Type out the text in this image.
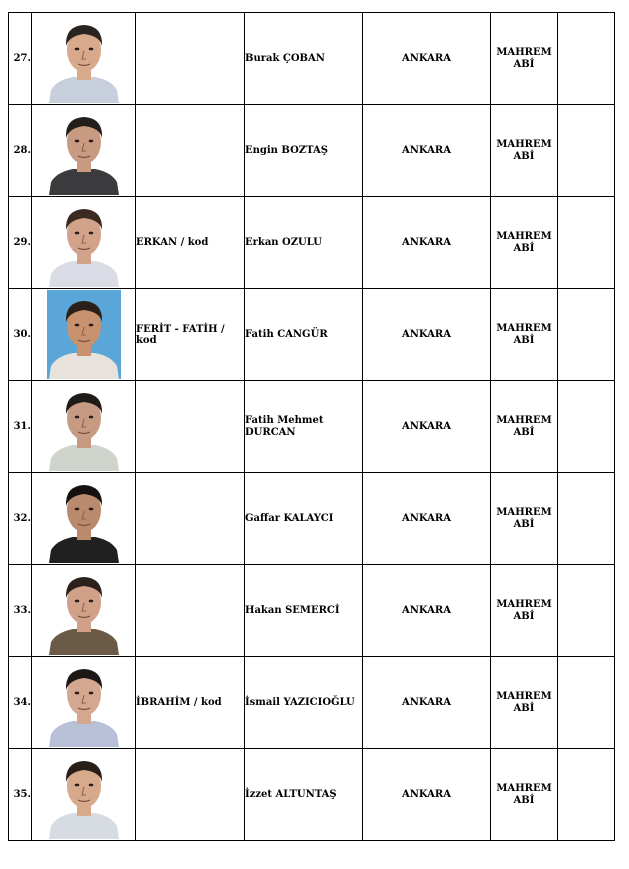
27.			Burak ÇOBAN	ANKARA	MAHREM
ABİ	

28.			Engin BOZTAŞ	ANKARA	MAHREM
ABİ	

29.		ERKAN / kod	Erkan OZULU	ANKARA	MAHREM
ABİ	

30.		FERİT - FATİH / kod	Fatih CANGÜR	ANKARA	MAHREM
ABİ	

31.			Fatih Mehmet DURCAN	ANKARA	MAHREM
ABİ	

32.			Gaffar KALAYCI	ANKARA	MAHREM
ABİ	

33.			Hakan SEMERCİ	ANKARA	MAHREM
ABİ	

34.		İBRAHİM / kod	İsmail YAZICIOĞLU	ANKARA	MAHREM
ABİ	

35.			İzzet ALTUNTAŞ	ANKARA	MAHREM
ABİ	
